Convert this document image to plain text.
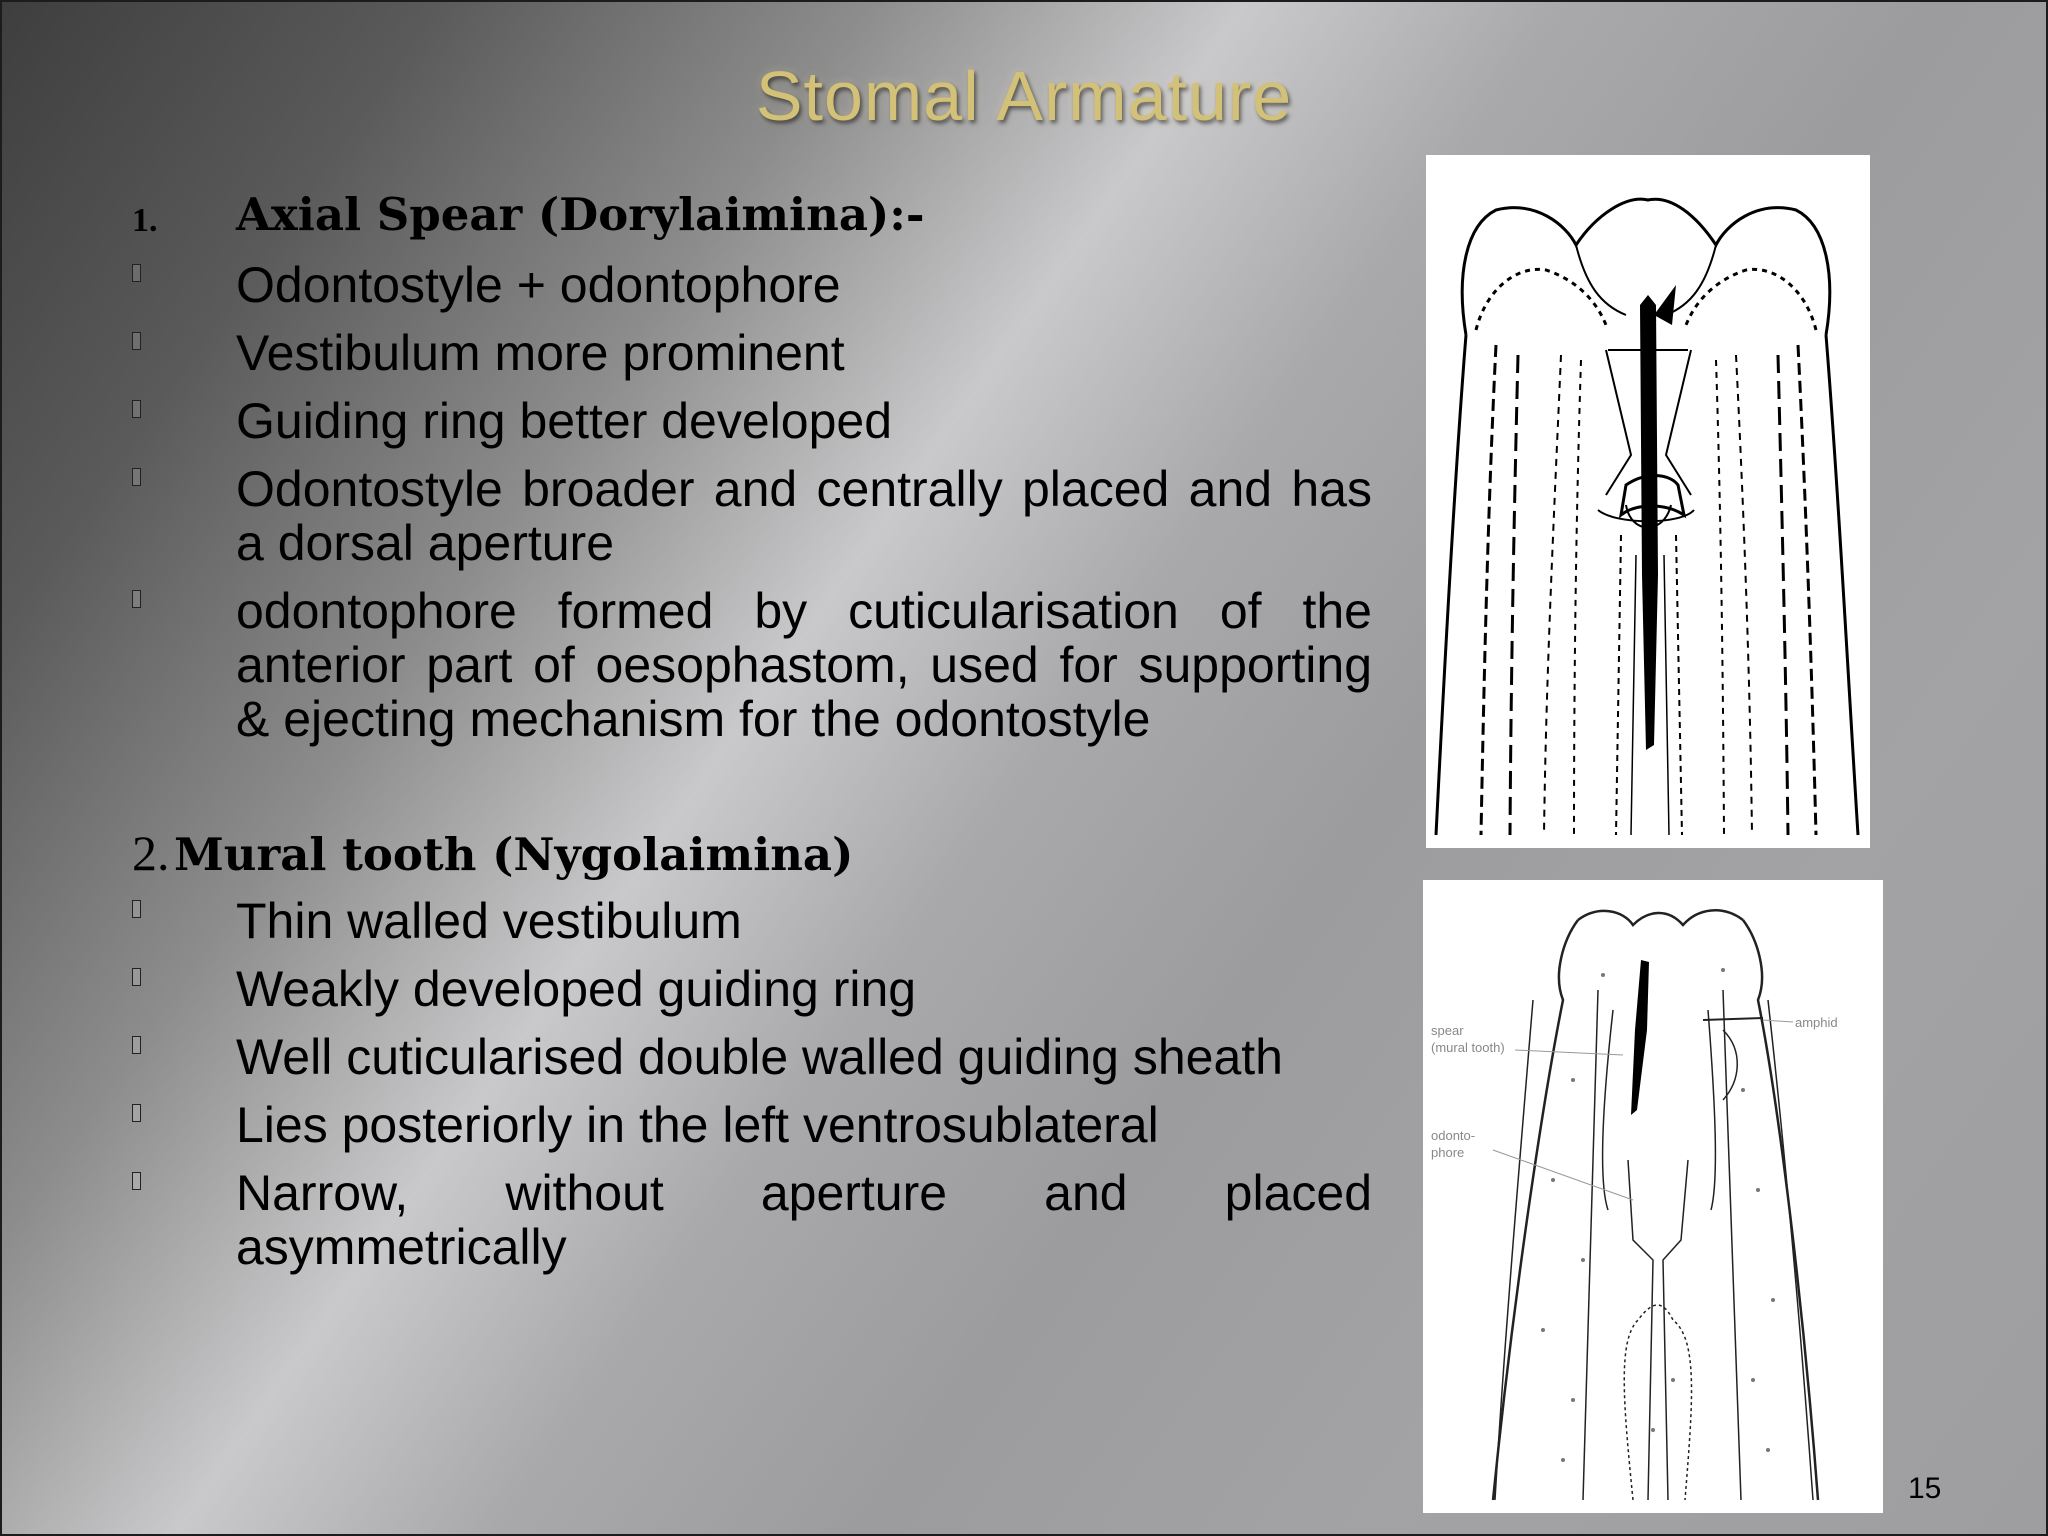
Stomal Armature
1. Axial Spear (Dorylaimina):-
Odontostyle + odontophore
Vestibulum more prominent
Guiding ring better developed
Odontostyle broader and centrally placed and has a dorsal aperture
odontophore formed by cuticularisation of the anterior part of oesophastom, used for supporting & ejecting mechanism for the odontostyle
2. Mural tooth (Nygolaimina)
Thin walled vestibulum
Weakly developed guiding ring
Well cuticularised double walled guiding sheath
Lies posteriorly in the left ventrosublateral
Narrow, without aperture and placed asymmetrically
spear
(mural tooth)
odonto-
phore
amphid
15
